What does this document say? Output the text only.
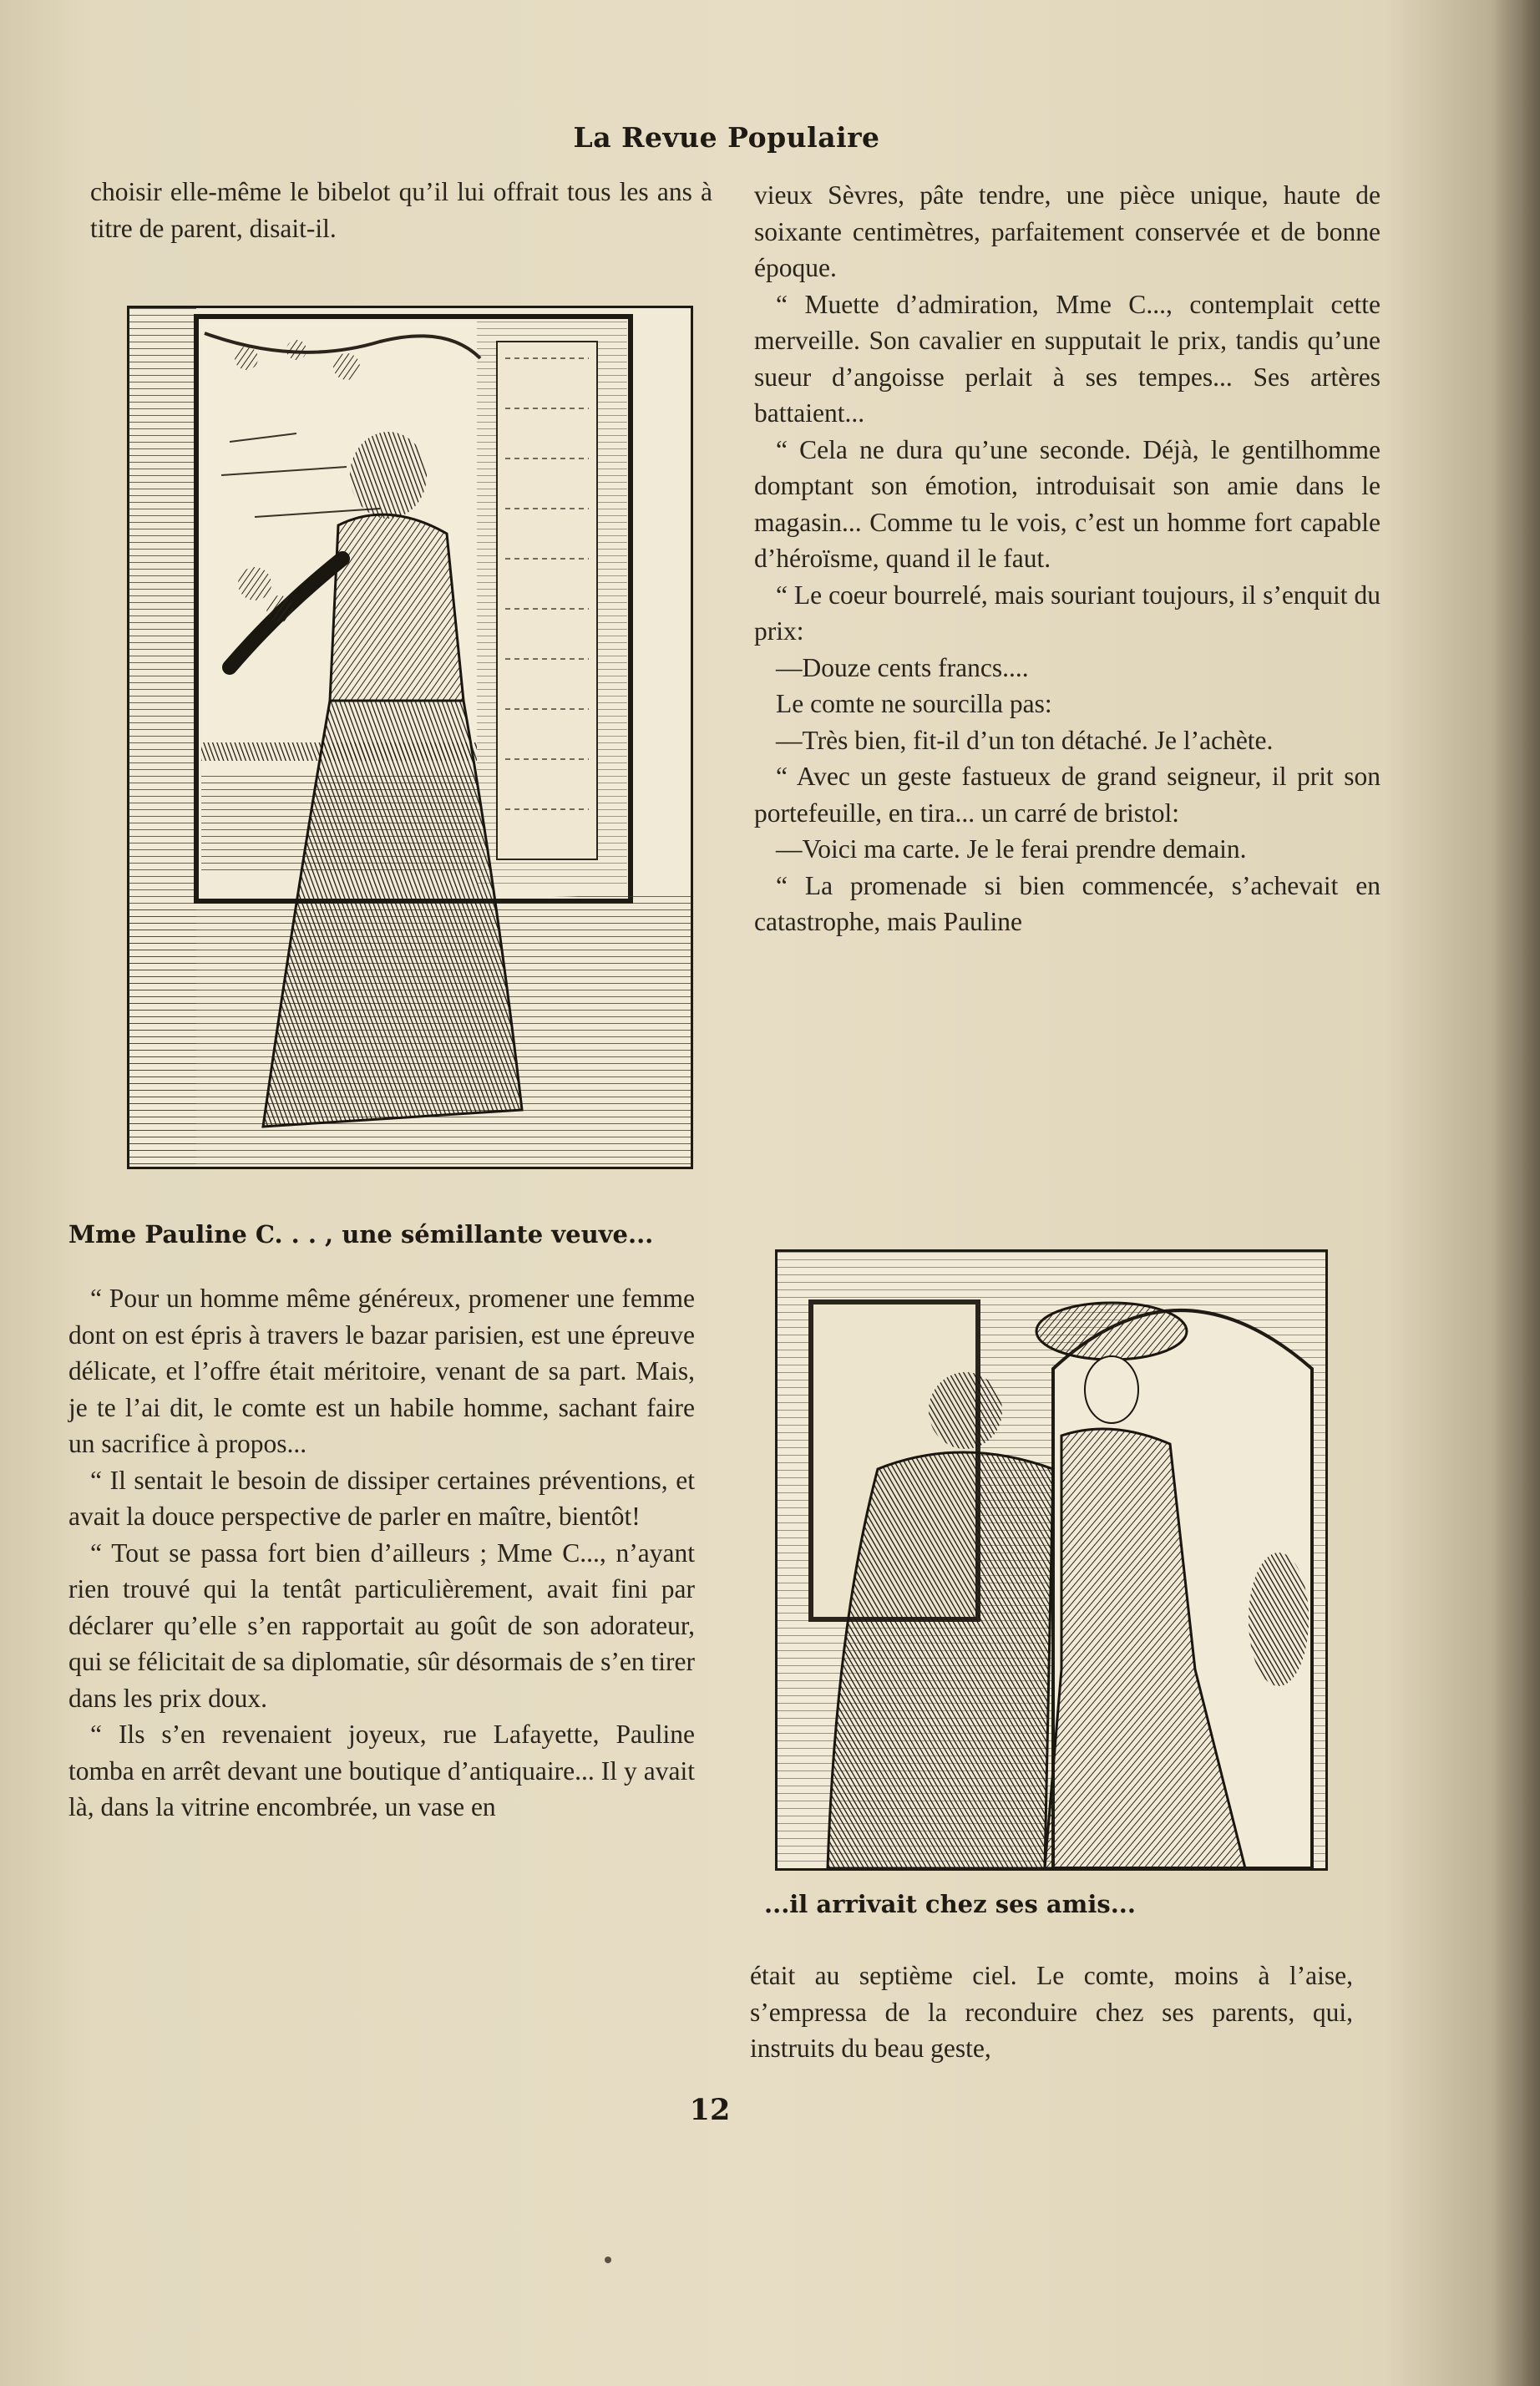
La Revue Populaire

choisir elle-même le bibelot qu’il lui offrait tous les ans à titre de parent, disait-il.

Mme Pauline C. . . , une sémillante veuve...

“ Pour un homme même généreux, promener une femme dont on est épris à travers le bazar parisien, est une épreuve délicate, et l’offre était méritoire, venant de sa part. Mais, je te l’ai dit, le comte est un habile homme, sachant faire un sacrifice à propos...

“ Il sentait le besoin de dissiper certaines préventions, et avait la douce perspective de parler en maître, bientôt!

“ Tout se passa fort bien d’ailleurs ; Mme C..., n’ayant rien trouvé qui la tentât particulièrement, avait fini par déclarer qu’elle s’en rapportait au goût de son adorateur, qui se félicitait de sa diplomatie, sûr désormais de s’en tirer dans les prix doux.

“ Ils s’en revenaient joyeux, rue Lafayette, Pauline tomba en arrêt devant une boutique d’antiquaire... Il y avait là, dans la vitrine encombrée, un vase en

vieux Sèvres, pâte tendre, une pièce unique, haute de soixante centimètres, parfaitement conservée et de bonne époque.

“ Muette d’admiration, Mme C..., contemplait cette merveille. Son cavalier en supputait le prix, tandis qu’une sueur d’angoisse perlait à ses tempes... Ses artères battaient...

“ Cela ne dura qu’une seconde. Déjà, le gentilhomme domptant son émotion, introduisait son amie dans le magasin... Comme tu le vois, c’est un homme fort capable d’héroïsme, quand il le faut.

“ Le coeur bourrelé, mais souriant toujours, il s’enquit du prix:

—Douze cents francs....

Le comte ne sourcilla pas:

—Très bien, fit-il d’un ton détaché. Je l’achète.

“ Avec un geste fastueux de grand seigneur, il prit son portefeuille, en tira... un carré de bristol:

—Voici ma carte. Je le ferai prendre demain.

“ La promenade si bien commencée, s’achevait en catastrophe, mais Pauline

...il arrivait chez ses amis...

était au septième ciel. Le comte, moins à l’aise, s’empressa de la reconduire chez ses parents, qui, instruits du beau geste,

12
